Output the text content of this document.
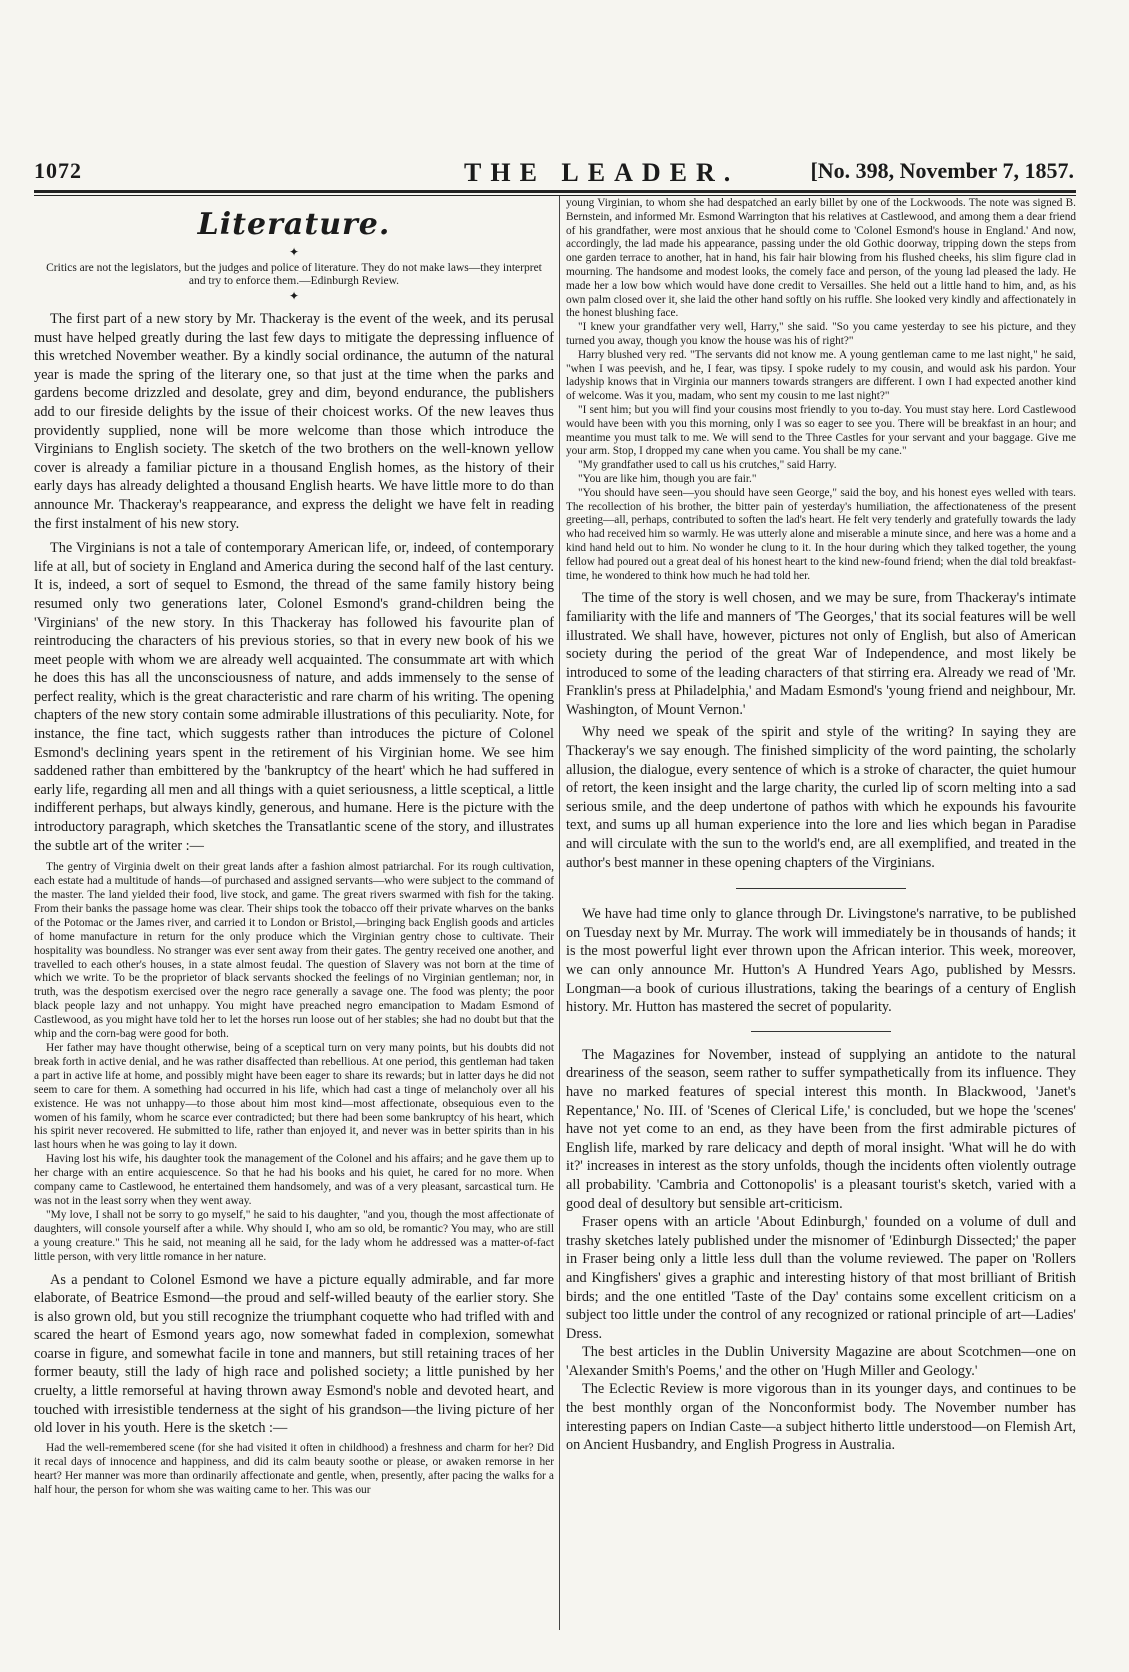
1072	THE LEADER.	[No. 398, November 7, 1857.
Literature.
✦
Critics are not the legislators, but the judges and police of literature. They do not make laws—they interpret and try to enforce them.—Edinburgh Review.
✦

The first part of a new story by Mr. Thackeray is the event of the week, and its perusal must have helped greatly during the last few days to mitigate the depressing influence of this wretched November weather. By a kindly social ordinance, the autumn of the natural year is made the spring of the literary one, so that just at the time when the parks and gardens become drizzled and desolate, grey and dim, beyond endurance, the publishers add to our fireside delights by the issue of their choicest works. Of the new leaves thus providently supplied, none will be more welcome than those which introduce the Virginians to English society. The sketch of the two brothers on the well-known yellow cover is already a familiar picture in a thousand English homes, as the history of their early days has already delighted a thousand English hearts. We have little more to do than announce Mr. Thackeray's reappearance, and express the delight we have felt in reading the first instalment of his new story.

The Virginians is not a tale of contemporary American life, or, indeed, of contemporary life at all, but of society in England and America during the second half of the last century. It is, indeed, a sort of sequel to Esmond, the thread of the same family history being resumed only two generations later, Colonel Esmond's grand-children being the 'Virginians' of the new story. In this Thackeray has followed his favourite plan of reintroducing the characters of his previous stories, so that in every new book of his we meet people with whom we are already well acquainted. The consummate art with which he does this has all the unconsciousness of nature, and adds immensely to the sense of perfect reality, which is the great characteristic and rare charm of his writing. The opening chapters of the new story contain some admirable illustrations of this peculiarity. Note, for instance, the fine tact, which suggests rather than introduces the picture of Colonel Esmond's declining years spent in the retirement of his Virginian home. We see him saddened rather than embittered by the 'bankruptcy of the heart' which he had suffered in early life, regarding all men and all things with a quiet seriousness, a little sceptical, a little indifferent perhaps, but always kindly, generous, and humane. Here is the picture with the introductory paragraph, which sketches the Transatlantic scene of the story, and illustrates the subtle art of the writer :—

The gentry of Virginia dwelt on their great lands after a fashion almost patriarchal. For its rough cultivation, each estate had a multitude of hands—of purchased and assigned servants—who were subject to the command of the master. The land yielded their food, live stock, and game. The great rivers swarmed with fish for the taking. From their banks the passage home was clear. Their ships took the tobacco off their private wharves on the banks of the Potomac or the James river, and carried it to London or Bristol,—bringing back English goods and articles of home manufacture in return for the only produce which the Virginian gentry chose to cultivate. Their hospitality was boundless. No stranger was ever sent away from their gates. The gentry received one another, and travelled to each other's houses, in a state almost feudal. The question of Slavery was not born at the time of which we write. To be the proprietor of black servants shocked the feelings of no Virginian gentleman; nor, in truth, was the despotism exercised over the negro race generally a savage one. The food was plenty; the poor black people lazy and not unhappy. You might have preached negro emancipation to Madam Esmond of Castlewood, as you might have told her to let the horses run loose out of her stables; she had no doubt but that the whip and the corn-bag were good for both.

Her father may have thought otherwise, being of a sceptical turn on very many points, but his doubts did not break forth in active denial, and he was rather disaffected than rebellious. At one period, this gentleman had taken a part in active life at home, and possibly might have been eager to share its rewards; but in latter days he did not seem to care for them. A something had occurred in his life, which had cast a tinge of melancholy over all his existence. He was not unhappy—to those about him most kind—most affectionate, obsequious even to the women of his family, whom he scarce ever contradicted; but there had been some bankruptcy of his heart, which his spirit never recovered. He submitted to life, rather than enjoyed it, and never was in better spirits than in his last hours when he was going to lay it down.

Having lost his wife, his daughter took the management of the Colonel and his affairs; and he gave them up to her charge with an entire acquiescence. So that he had his books and his quiet, he cared for no more. When company came to Castlewood, he entertained them handsomely, and was of a very pleasant, sarcastical turn. He was not in the least sorry when they went away.

"My love, I shall not be sorry to go myself," he said to his daughter, "and you, though the most affectionate of daughters, will console yourself after a while. Why should I, who am so old, be romantic? You may, who are still a young creature." This he said, not meaning all he said, for the lady whom he addressed was a matter-of-fact little person, with very little romance in her nature.

As a pendant to Colonel Esmond we have a picture equally admirable, and far more elaborate, of Beatrice Esmond—the proud and self-willed beauty of the earlier story. She is also grown old, but you still recognize the triumphant coquette who had trifled with and scared the heart of Esmond years ago, now somewhat faded in complexion, somewhat coarse in figure, and somewhat facile in tone and manners, but still retaining traces of her former beauty, still the lady of high race and polished society; a little punished by her cruelty, a little remorseful at having thrown away Esmond's noble and devoted heart, and touched with irresistible tenderness at the sight of his grandson—the living picture of her old lover in his youth. Here is the sketch :—

Had the well-remembered scene (for she had visited it often in childhood) a freshness and charm for her? Did it recal days of innocence and happiness, and did its calm beauty soothe or please, or awaken remorse in her heart? Her manner was more than ordinarily affectionate and gentle, when, presently, after pacing the walks for a half hour, the person for whom she was waiting came to her. This was our

young Virginian, to whom she had despatched an early billet by one of the Lockwoods. The note was signed B. Bernstein, and informed Mr. Esmond Warrington that his relatives at Castlewood, and among them a dear friend of his grandfather, were most anxious that he should come to 'Colonel Esmond's house in England.' And now, accordingly, the lad made his appearance, passing under the old Gothic doorway, tripping down the steps from one garden terrace to another, hat in hand, his fair hair blowing from his flushed cheeks, his slim figure clad in mourning. The handsome and modest looks, the comely face and person, of the young lad pleased the lady. He made her a low bow which would have done credit to Versailles. She held out a little hand to him, and, as his own palm closed over it, she laid the other hand softly on his ruffle. She looked very kindly and affectionately in the honest blushing face.

"I knew your grandfather very well, Harry," she said. "So you came yesterday to see his picture, and they turned you away, though you know the house was his of right?"

Harry blushed very red. "The servants did not know me. A young gentleman came to me last night," he said, "when I was peevish, and he, I fear, was tipsy. I spoke rudely to my cousin, and would ask his pardon. Your ladyship knows that in Virginia our manners towards strangers are different. I own I had expected another kind of welcome. Was it you, madam, who sent my cousin to me last night?"

"I sent him; but you will find your cousins most friendly to you to-day. You must stay here. Lord Castlewood would have been with you this morning, only I was so eager to see you. There will be breakfast in an hour; and meantime you must talk to me. We will send to the Three Castles for your servant and your baggage. Give me your arm. Stop, I dropped my cane when you came. You shall be my cane."

"My grandfather used to call us his crutches," said Harry.

"You are like him, though you are fair."

"You should have seen—you should have seen George," said the boy, and his honest eyes welled with tears. The recollection of his brother, the bitter pain of yesterday's humiliation, the affectionateness of the present greeting—all, perhaps, contributed to soften the lad's heart. He felt very tenderly and gratefully towards the lady who had received him so warmly. He was utterly alone and miserable a minute since, and here was a home and a kind hand held out to him. No wonder he clung to it. In the hour during which they talked together, the young fellow had poured out a great deal of his honest heart to the kind new-found friend; when the dial told breakfast-time, he wondered to think how much he had told her.

The time of the story is well chosen, and we may be sure, from Thackeray's intimate familiarity with the life and manners of 'The Georges,' that its social features will be well illustrated. We shall have, however, pictures not only of English, but also of American society during the period of the great War of Independence, and most likely be introduced to some of the leading characters of that stirring era. Already we read of 'Mr. Franklin's press at Philadelphia,' and Madam Esmond's 'young friend and neighbour, Mr. Washington, of Mount Vernon.'

Why need we speak of the spirit and style of the writing? In saying they are Thackeray's we say enough. The finished simplicity of the word painting, the scholarly allusion, the dialogue, every sentence of which is a stroke of character, the quiet humour of retort, the keen insight and the large charity, the curled lip of scorn melting into a sad serious smile, and the deep undertone of pathos with which he expounds his favourite text, and sums up all human experience into the lore and lies which began in Paradise and will circulate with the sun to the world's end, are all exemplified, and treated in the author's best manner in these opening chapters of the Virginians.

We have had time only to glance through Dr. Livingstone's narrative, to be published on Tuesday next by Mr. Murray. The work will immediately be in thousands of hands; it is the most powerful light ever thrown upon the African interior. This week, moreover, we can only announce Mr. Hutton's A Hundred Years Ago, published by Messrs. Longman—a book of curious illustrations, taking the bearings of a century of English history. Mr. Hutton has mastered the secret of popularity.

The Magazines for November, instead of supplying an antidote to the natural dreariness of the season, seem rather to suffer sympathetically from its influence. They have no marked features of special interest this month. In Blackwood, 'Janet's Repentance,' No. III. of 'Scenes of Clerical Life,' is concluded, but we hope the 'scenes' have not yet come to an end, as they have been from the first admirable pictures of English life, marked by rare delicacy and depth of moral insight. 'What will he do with it?' increases in interest as the story unfolds, though the incidents often violently outrage all probability. 'Cambria and Cottonopolis' is a pleasant tourist's sketch, varied with a good deal of desultory but sensible art-criticism.

Fraser opens with an article 'About Edinburgh,' founded on a volume of dull and trashy sketches lately published under the misnomer of 'Edinburgh Dissected;' the paper in Fraser being only a little less dull than the volume reviewed. The paper on 'Rollers and Kingfishers' gives a graphic and interesting history of that most brilliant of British birds; and the one entitled 'Taste of the Day' contains some excellent criticism on a subject too little under the control of any recognized or rational principle of art—Ladies' Dress.

The best articles in the Dublin University Magazine are about Scotchmen—one on 'Alexander Smith's Poems,' and the other on 'Hugh Miller and Geology.'

The Eclectic Review is more vigorous than in its younger days, and continues to be the best monthly organ of the Nonconformist body. The November number has interesting papers on Indian Caste—a subject hitherto little understood—on Flemish Art, on Ancient Husbandry, and English Progress in Australia.
